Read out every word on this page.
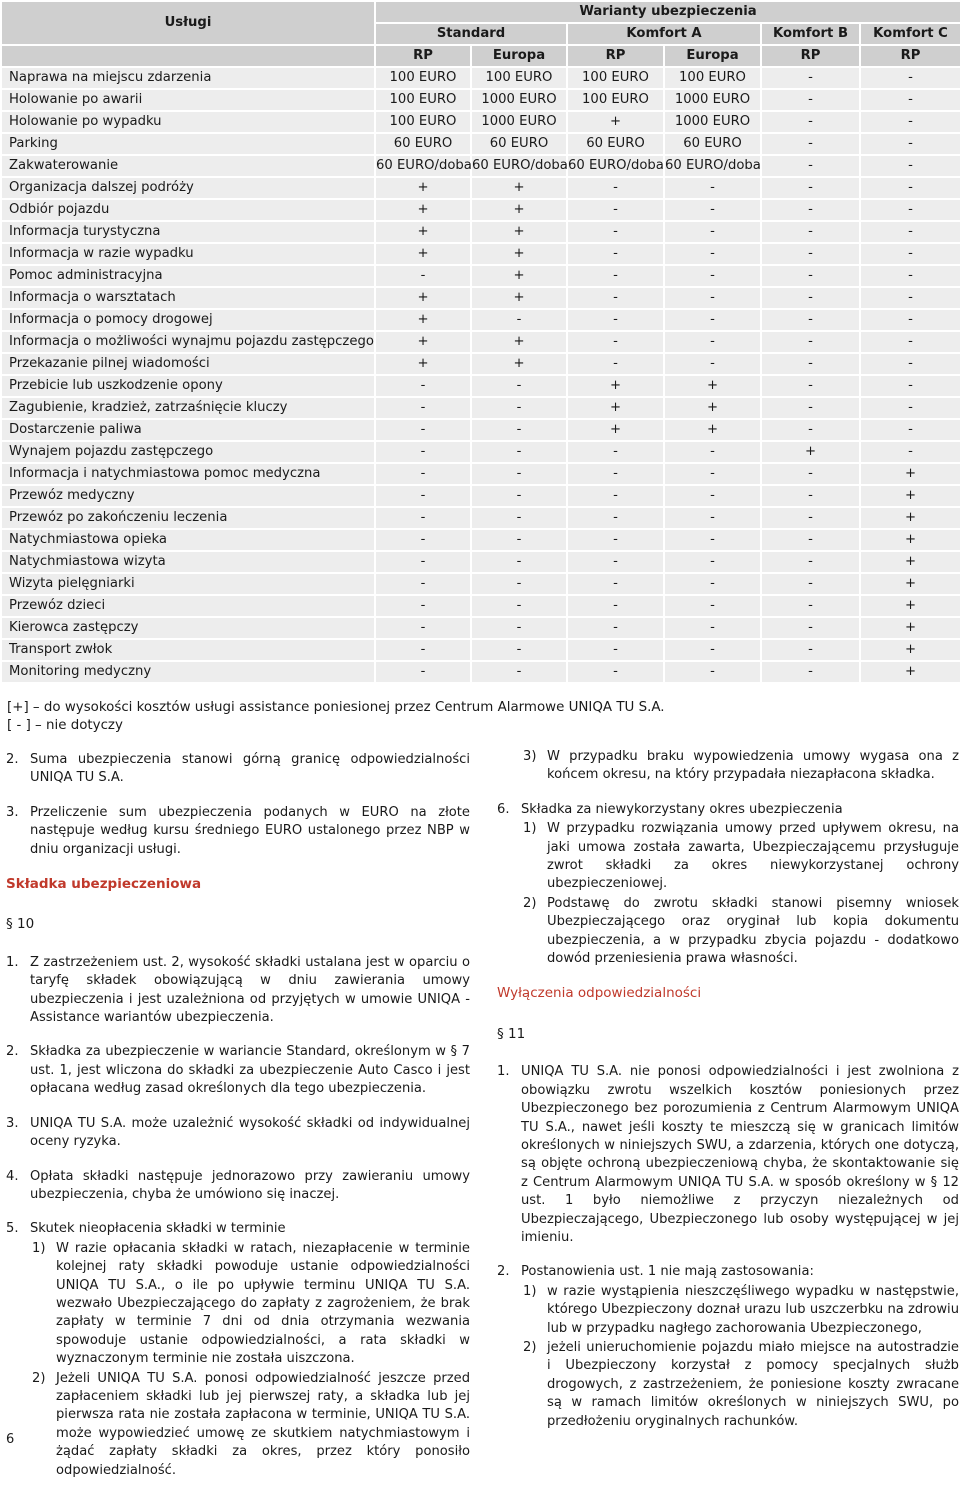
Usługi	Warianty ubezpieczenia					
	Standard		Komfort A		Komfort B	Komfort C
	RP	Europa	RP	Europa	RP	RP
Naprawa na miejscu zdarzenia	100 EURO	100 EURO	100 EURO	100 EURO	-	-
Holowanie po awarii	100 EURO	1000 EURO	100 EURO	1000 EURO	-	-
Holowanie po wypadku	100 EURO	1000 EURO	+	1000 EURO	-	-
Parking	60 EURO	60 EURO	60 EURO	60 EURO	-	-
Zakwaterowanie	60 EURO/doba	60 EURO/doba	60 EURO/doba	60 EURO/doba	-	-
Organizacja dalszej podróży	+	+	-	-	-	-
Odbiór pojazdu	+	+	-	-	-	-
Informacja turystyczna	+	+	-	-	-	-
Informacja w razie wypadku	+	+	-	-	-	-
Pomoc administracyjna	-	+	-	-	-	-
Informacja o warsztatach	+	+	-	-	-	-
Informacja o pomocy drogowej	+	-	-	-	-	-
Informacja o możliwości wynajmu pojazdu zastępczego	+	+	-	-	-	-
Przekazanie pilnej wiadomości	+	+	-	-	-	-
Przebicie lub uszkodzenie opony	-	-	+	+	-	-
Zagubienie, kradzież, zatrzaśnięcie kluczy	-	-	+	+	-	-
Dostarczenie paliwa	-	-	+	+	-	-
Wynajem pojazdu zastępczego	-	-	-	-	+	-
Informacja i natychmiastowa pomoc medyczna	-	-	-	-	-	+
Przewóz medyczny	-	-	-	-	-	+
Przewóz po zakończeniu leczenia	-	-	-	-	-	+
Natychmiastowa opieka	-	-	-	-	-	+
Natychmiastowa wizyta	-	-	-	-	-	+
Wizyta pielęgniarki	-	-	-	-	-	+
Przewóz dzieci	-	-	-	-	-	+
Kierowca zastępczy	-	-	-	-	-	+
Transport zwłok	-	-	-	-	-	+
Monitoring medyczny	-	-	-	-	-	+
[+] – do wysokości kosztów usługi assistance poniesionej przez Centrum Alarmowe UNIQA TU S.A.
[ - ] – nie dotyczy
2. Suma ubezpieczenia stanowi górną granicę odpowiedzialności UNIQA TU S.A.
3. Przeliczenie sum ubezpieczenia podanych w EURO na złote następuje według kursu średniego EURO ustalonego przez NBP w dniu organizacji usługi.
Składka ubezpieczeniowa
§ 10
1. Z zastrzeżeniem ust. 2, wysokość składki ustalana jest w oparciu o taryfę składek obowiązującą w dniu zawierania umowy ubezpieczenia i jest uzależniona od przyjętych w umowie UNIQA - Assistance wariantów ubezpieczenia.
2. Składka za ubezpieczenie w wariancie Standard, określonym w § 7 ust. 1, jest wliczona do składki za ubezpieczenie Auto Casco i jest opłacana według zasad określonych dla tego ubezpieczenia.
3. UNIQA TU S.A. może uzależnić wysokość składki od indywidualnej oceny ryzyka.
4. Opłata składki następuje jednorazowo przy zawieraniu umowy ubezpieczenia, chyba że umówiono się inaczej.
5. Skutek nieopłacenia składki w terminie
1) W razie opłacania składki w ratach, niezapłacenie w terminie kolejnej raty składki powoduje ustanie odpowiedzialności UNIQA TU S.A., o ile po upływie terminu UNIQA TU S.A. wezwało Ubezpieczającego do zapłaty z zagrożeniem, że brak zapłaty w terminie 7 dni od dnia otrzymania wezwania spowoduje ustanie odpowiedzialności, a rata składki w wyznaczonym terminie nie została uiszczona.
2) Jeżeli UNIQA TU S.A. ponosi odpowiedzialność jeszcze przed zapłaceniem składki lub jej pierwszej raty, a składka lub jej pierwsza rata nie została zapłacona w terminie, UNIQA TU S.A. może wypowiedzieć umowę ze skutkiem natychmiastowym i żądać zapłaty składki za okres, przez który ponosiło odpowiedzialność.
3) W przypadku braku wypowiedzenia umowy wygasa ona z końcem okresu, na który przypadała niezapłacona składka.
6. Składka za niewykorzystany okres ubezpieczenia
1) W przypadku rozwiązania umowy przed upływem okresu, na jaki umowa została zawarta, Ubezpieczającemu przysługuje zwrot składki za okres niewykorzystanej ochrony ubezpieczeniowej.
2) Podstawę do zwrotu składki stanowi pisemny wniosek Ubezpieczającego oraz oryginał lub kopia dokumentu ubezpieczenia, a w przypadku zbycia pojazdu - dodatkowo dowód przeniesienia prawa własności.
Wyłączenia odpowiedzialności
§ 11
1. UNIQA TU S.A. nie ponosi odpowiedzialności i jest zwolniona z obowiązku zwrotu wszelkich kosztów poniesionych przez Ubezpieczonego bez porozumienia z Centrum Alarmowym UNIQA TU S.A., nawet jeśli koszty te mieszczą się w granicach limitów określonych w niniejszych SWU, a zdarzenia, których one dotyczą, są objęte ochroną ubezpieczeniową chyba, że skontaktowanie się z Centrum Alarmowym UNIQA TU S.A. w sposób określony w § 12 ust. 1 było niemożliwe z przyczyn niezależnych od Ubezpieczającego, Ubezpieczonego lub osoby występującej w jej imieniu.
2. Postanowienia ust. 1 nie mają zastosowania:
1) w razie wystąpienia nieszczęśliwego wypadku w następstwie, którego Ubezpieczony doznał urazu lub uszczerbku na zdrowiu lub w przypadku nagłego zachorowania Ubezpieczonego,
2) jeżeli unieruchomienie pojazdu miało miejsce na autostradzie i Ubezpieczony korzystał z pomocy specjalnych służb drogowych, z zastrzeżeniem, że poniesione koszty zwracane są w ramach limitów określonych w niniejszych SWU, po przedłożeniu oryginalnych rachunków.
6
